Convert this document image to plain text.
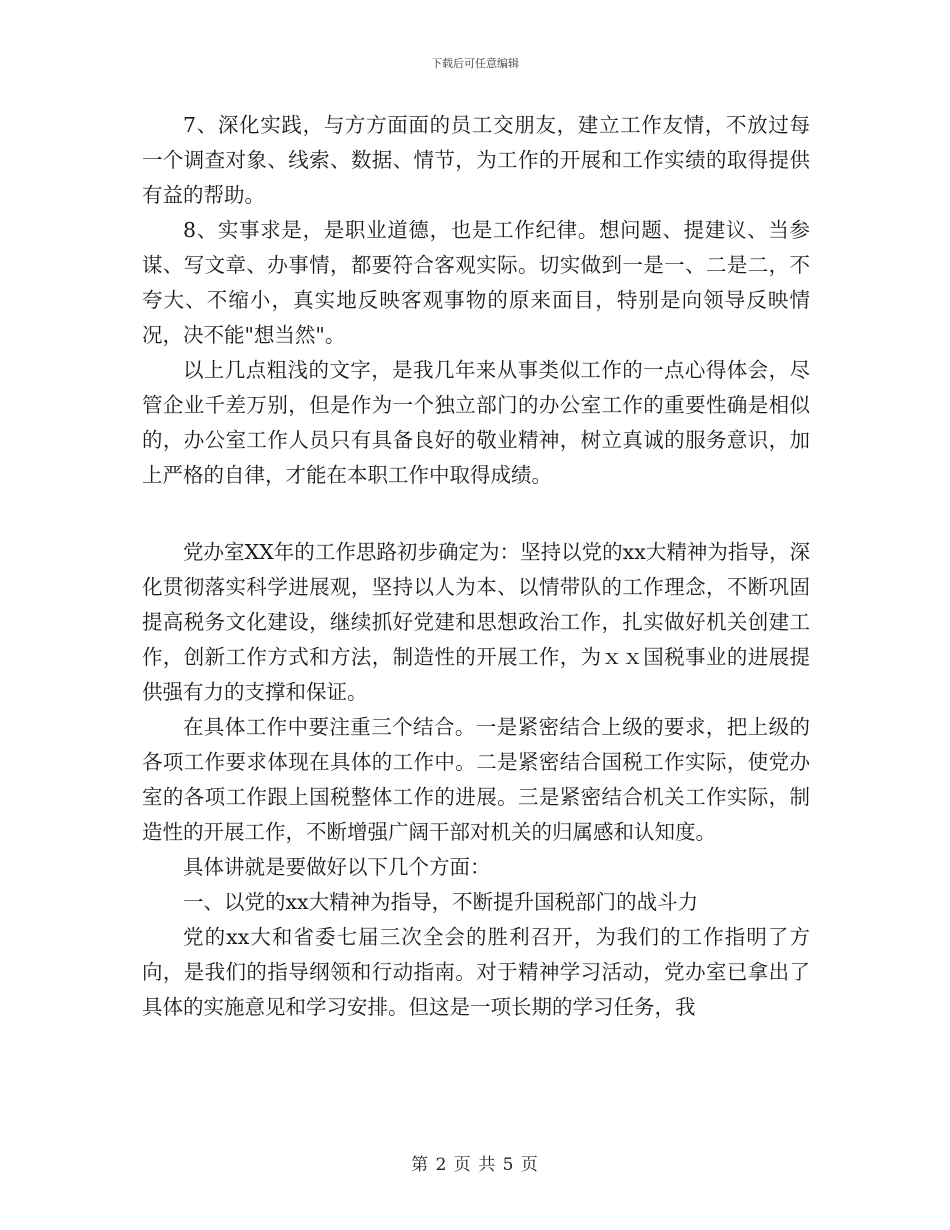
下载后可任意编辑

7、深化实践，与方方面面的员工交朋友，建立工作友情，不放过每一个调查对象、线索、数据、情节，为工作的开展和工作实绩的取得提供有益的帮助。

8、实事求是，是职业道德，也是工作纪律。想问题、提建议、当参谋、写文章、办事情，都要符合客观实际。切实做到一是一、二是二，不夸大、不缩小，真实地反映客观事物的原来面目，特别是向领导反映情况，决不能"想当然"。

以上几点粗浅的文字，是我几年来从事类似工作的一点心得体会，尽管企业千差万别，但是作为一个独立部门的办公室工作的重要性确是相似的，办公室工作人员只有具备良好的敬业精神，树立真诚的服务意识，加上严格的自律，才能在本职工作中取得成绩。

党办室XX年的工作思路初步确定为：坚持以党的xx大精神为指导，深化贯彻落实科学进展观，坚持以人为本、以情带队的工作理念，不断巩固提高税务文化建设，继续抓好党建和思想政治工作，扎实做好机关创建工作，创新工作方式和方法，制造性的开展工作，为ｘｘ国税事业的进展提供强有力的支撑和保证。

在具体工作中要注重三个结合。一是紧密结合上级的要求，把上级的各项工作要求体现在具体的工作中。二是紧密结合国税工作实际，使党办室的各项工作跟上国税整体工作的进展。三是紧密结合机关工作实际，制造性的开展工作，不断增强广阔干部对机关的归属感和认知度。

具体讲就是要做好以下几个方面：

一、以党的xx大精神为指导，不断提升国税部门的战斗力

党的xx大和省委七届三次全会的胜利召开，为我们的工作指明了方向，是我们的指导纲领和行动指南。对于精神学习活动，党办室已拿出了具体的实施意见和学习安排。但这是一项长期的学习任务，我

第 2 页 共 5 页
